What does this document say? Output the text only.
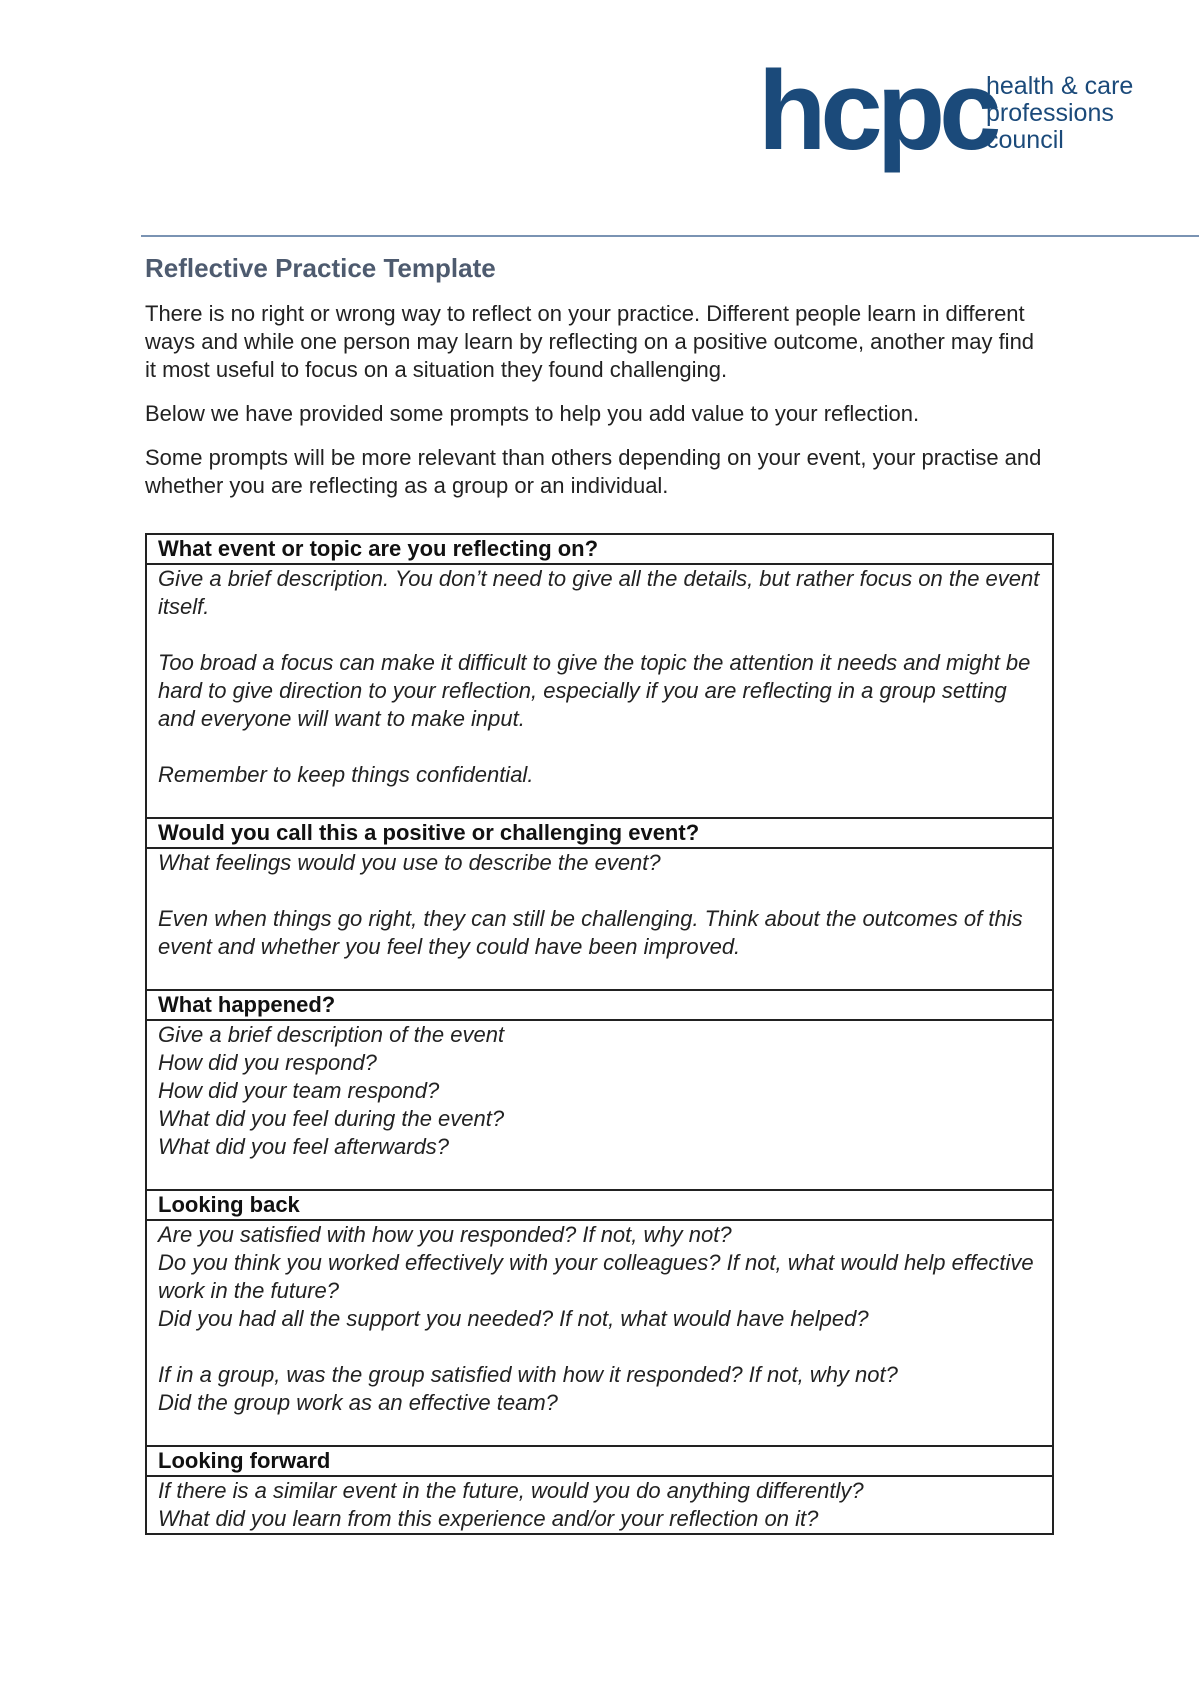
hcpc
health & care
professions
council
Reflective Practice Template

There is no right or wrong way to reflect on your practice. Different people learn in different ways and while one person may learn by reflecting on a positive outcome, another may find it most useful to focus on a situation they found challenging.

Below we have provided some prompts to help you add value to your reflection.

Some prompts will be more relevant than others depending on your event, your practise and whether you are reflecting as a group or an individual.

What event or topic are you reflecting on?

Give a brief description. You don’t need to give all the details, but rather focus on the event itself.
Too broad a focus can make it difficult to give the topic the attention it needs and might be hard to give direction to your reflection, especially if you are reflecting in a group setting and everyone will want to make input.
Remember to keep things confidential.

Would you call this a positive or challenging event?

What feelings would you use to describe the event?
Even when things go right, they can still be challenging. Think about the outcomes of this event and whether you feel they could have been improved.

What happened?

Give a brief description of the event
How did you respond?
How did your team respond?
What did you feel during the event?
What did you feel afterwards?

Looking back

Are you satisfied with how you responded? If not, why not?
Do you think you worked effectively with your colleagues? If not, what would help effective work in the future?
Did you had all the support you needed? If not, what would have helped?
If in a group, was the group satisfied with how it responded? If not, why not?
Did the group work as an effective team?

Looking forward

If there is a similar event in the future, would you do anything differently?
What did you learn from this experience and/or your reflection on it?
